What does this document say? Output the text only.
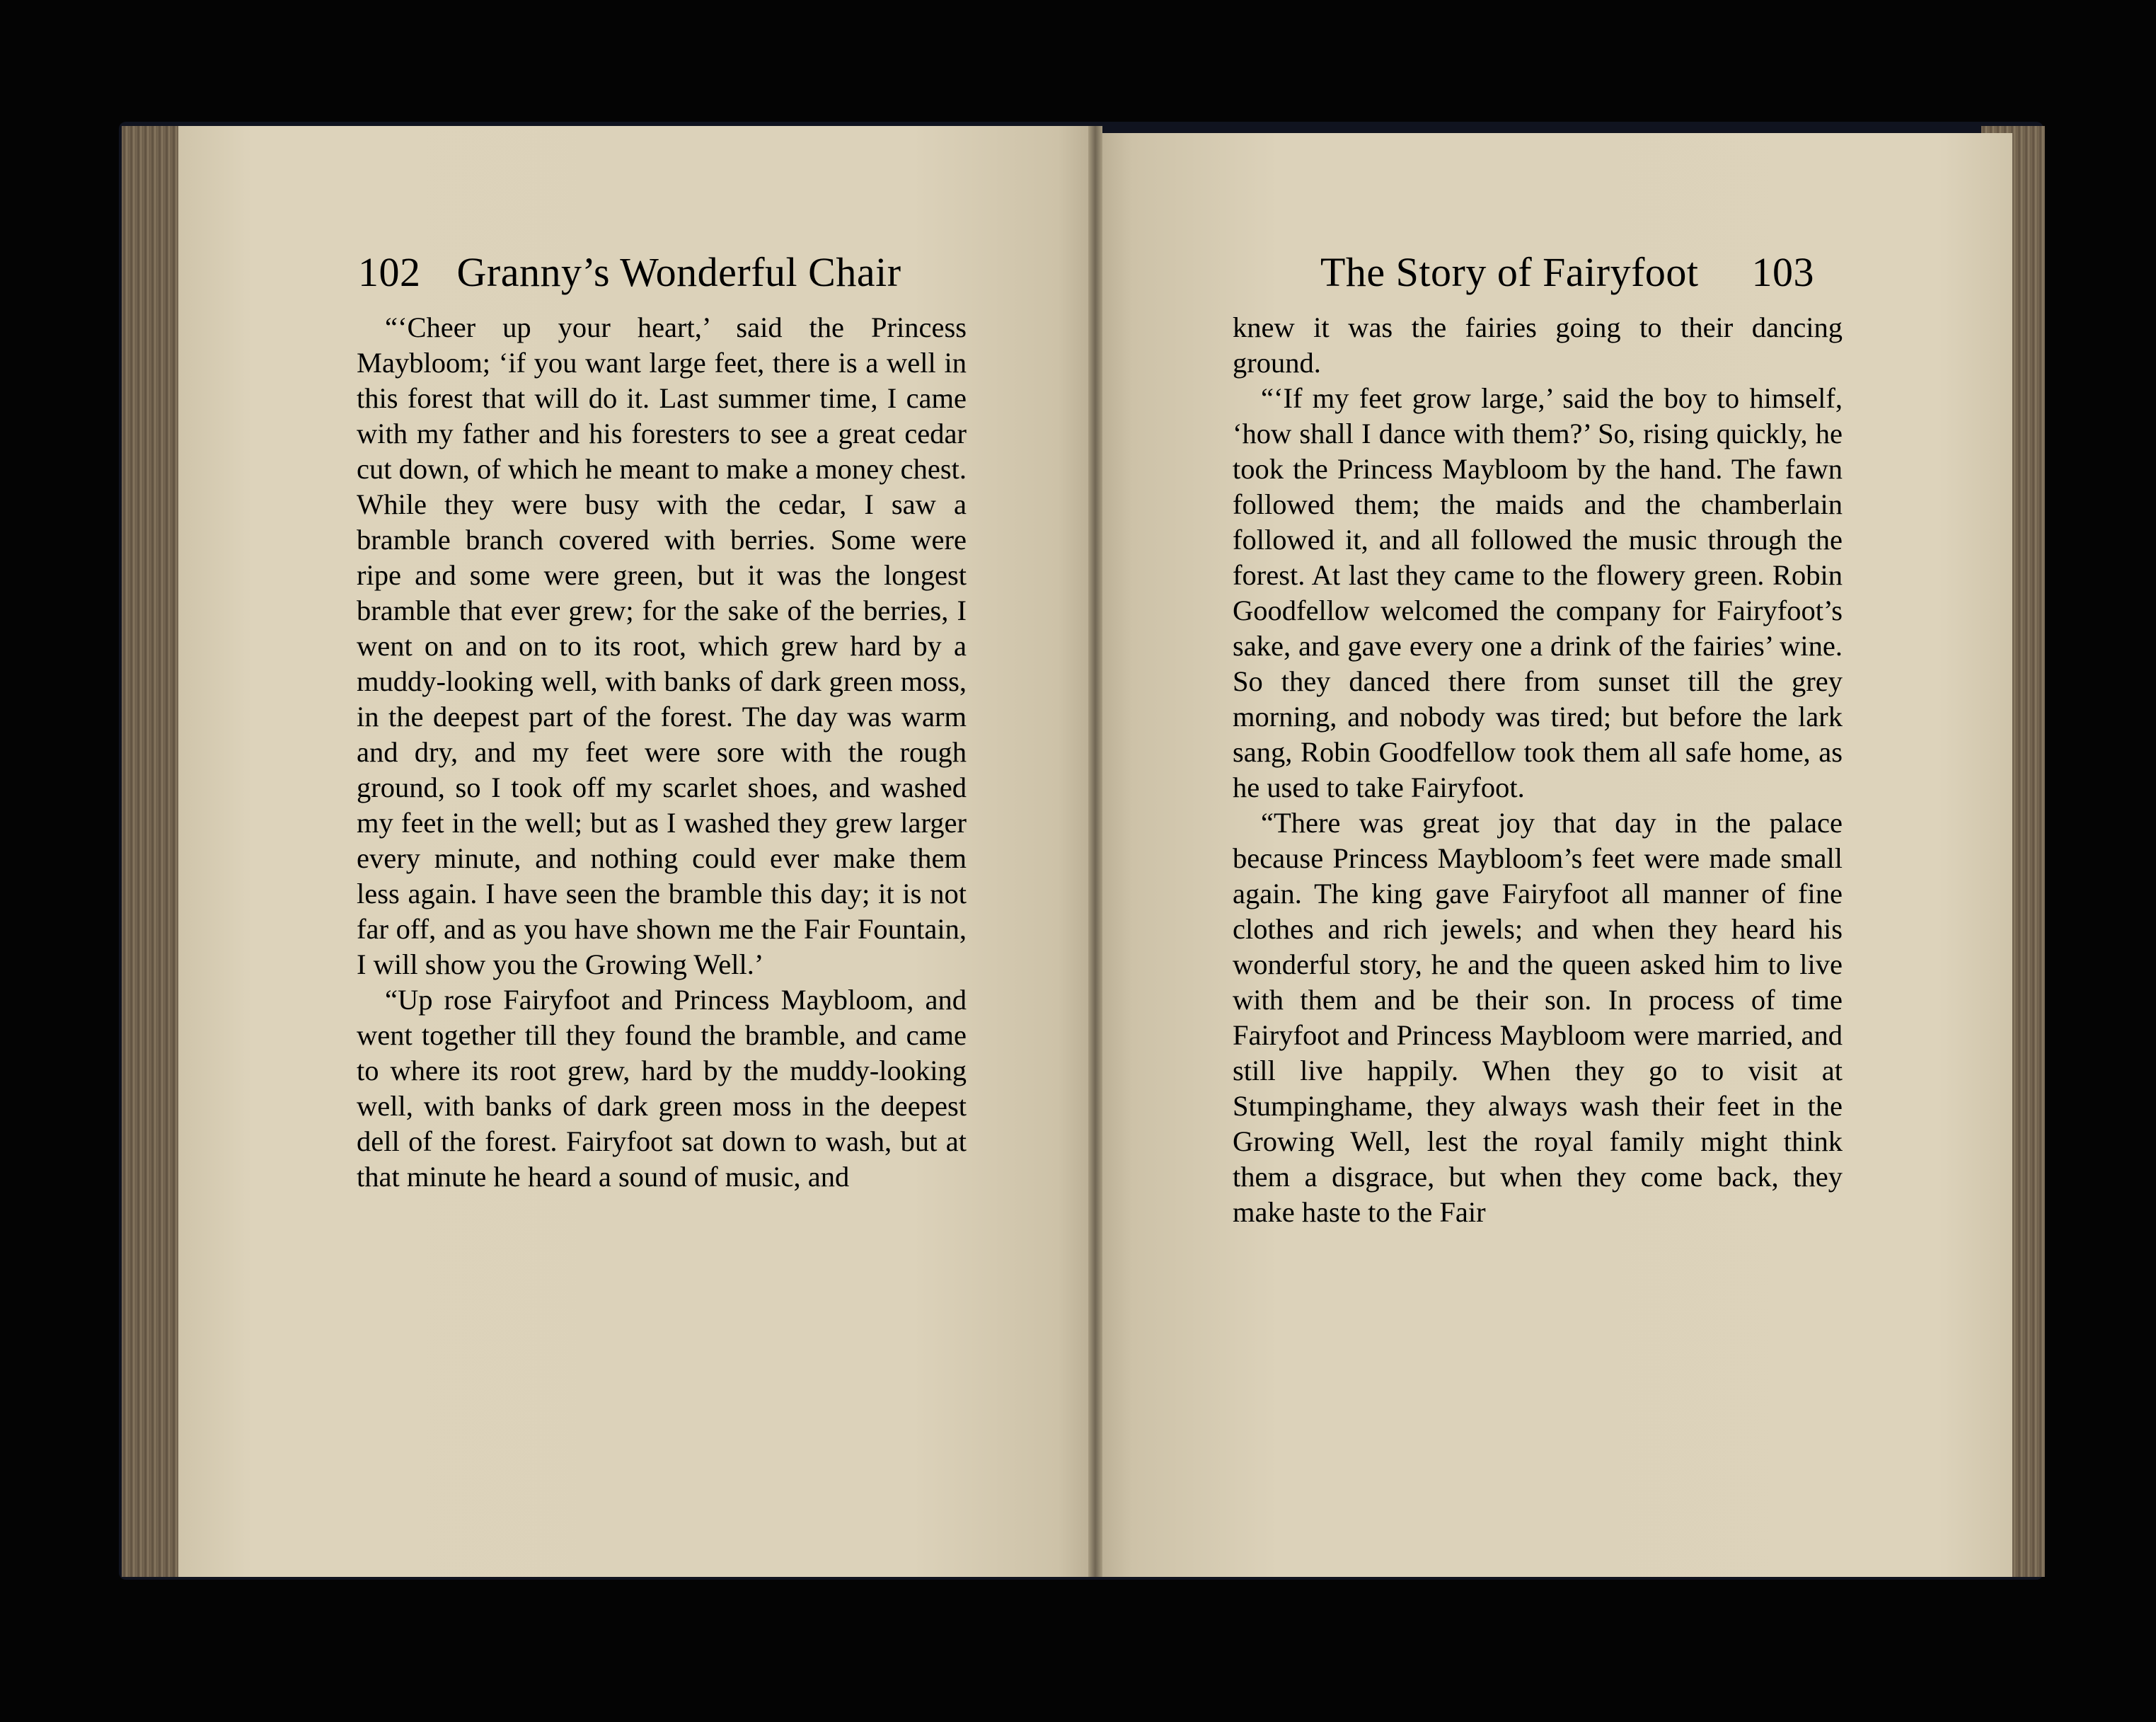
102 Granny’s Wonderful Chair	The Story of Fairyfoot 103

“‘Cheer up your heart,’ said the Princess Maybloom; ‘if you want large feet, there is a well in this forest that will do it. Last summer time, I came with my father and his foresters to see a great cedar cut down, of which he meant to make a money chest. While they were busy with the cedar, I saw a bramble branch covered with berries. Some were ripe and some were green, but it was the longest bramble that ever grew; for the sake of the berries, I went on and on to its root, which grew hard by a muddy-looking well, with banks of dark green moss, in the deepest part of the forest. The day was warm and dry, and my feet were sore with the rough ground, so I took off my scarlet shoes, and washed my feet in the well; but as I washed they grew larger every minute, and nothing could ever make them less again. I have seen the bramble this day; it is not far off, and as you have shown me the Fair Fountain, I will show you the Growing Well.’

“Up rose Fairyfoot and Princess Maybloom, and went together till they found the bramble, and came to where its root grew, hard by the muddy-looking well, with banks of dark green moss in the deepest dell of the forest. Fairyfoot sat down to wash, but at that minute he heard a sound of music, and

knew it was the fairies going to their dancing ground.

“‘If my feet grow large,’ said the boy to himself, ‘how shall I dance with them?’ So, rising quickly, he took the Princess Maybloom by the hand. The fawn followed them; the maids and the chamberlain followed it, and all followed the music through the forest. At last they came to the flowery green. Robin Goodfellow welcomed the company for Fairyfoot’s sake, and gave every one a drink of the fairies’ wine. So they danced there from sunset till the grey morning, and nobody was tired; but before the lark sang, Robin Goodfellow took them all safe home, as he used to take Fairyfoot.

“There was great joy that day in the palace because Princess Maybloom’s feet were made small again. The king gave Fairyfoot all manner of fine clothes and rich jewels; and when they heard his wonderful story, he and the queen asked him to live with them and be their son. In process of time Fairyfoot and Princess Maybloom were married, and still live happily. When they go to visit at Stumpinghame, they always wash their feet in the Growing Well, lest the royal family might think them a disgrace, but when they come back, they make haste to the Fair
